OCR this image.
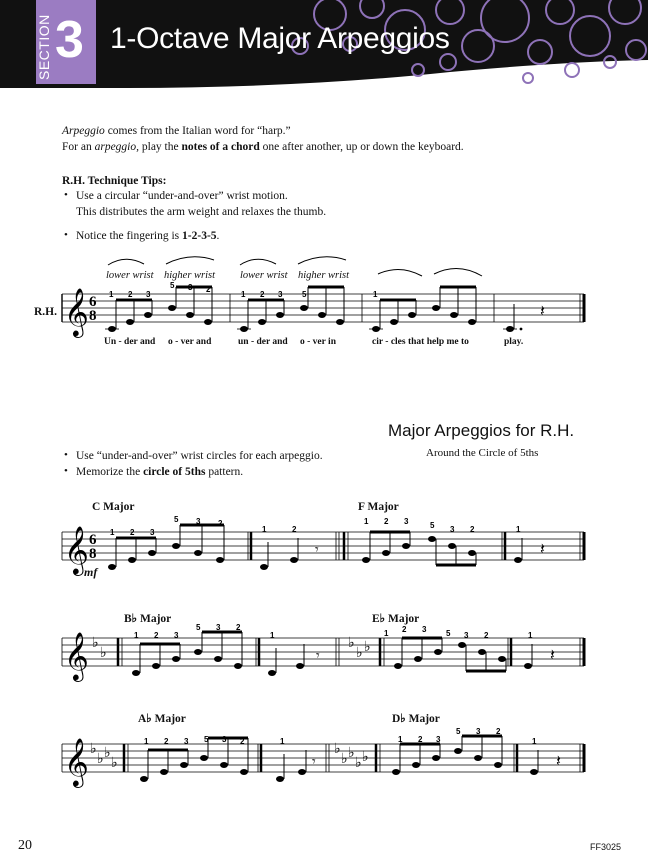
SECTION 3 1-Octave Major Arpeggios
Arpeggio comes from the Italian word for “harp.”
For an arpeggio, play the notes of a chord one after another, up or down the keyboard.
R.H. Technique Tips:
• Use a circular “under-and-over” wrist motion.
This distributes the arm weight and relaxes the thumb.
• Notice the fingering is 1-2-3-5.
R.H. 𝄞 6
8	𝄽
1 2 3
5 3 2
1 2 3 5	1
lower wrist higher wrist lower wrist higher wrist
Un - der and o - ver and	un - der and o - ver in	cir - cles that help me to	play.
Major Arpeggios for R.H.
Around the Circle of 5ths
• Use “under-and-over” wrist circles for each arpeggio.
• Memorize the circle of 5ths pattern.
C Major	F Major
B♭ Major	E♭ Major
A♭ Major	D♭ Major
mf
𝄞 6
8	𝄾	𝄽
1 2 3
5 3 2
1	2
1 2 3	5 3 2	1
𝄞 ♭
♭
♭
♭ ♭
𝄾	𝄽
1 2 3
5 3 2
1	1 2 3 5 3 2	1
𝄞 ♭
♭ ♭
♭
♭
♭ ♭
♭ ♭
𝄾	𝄽
1 2 3 5 3 2	1	1 2 3
5 3 2
1
20	FF3025
